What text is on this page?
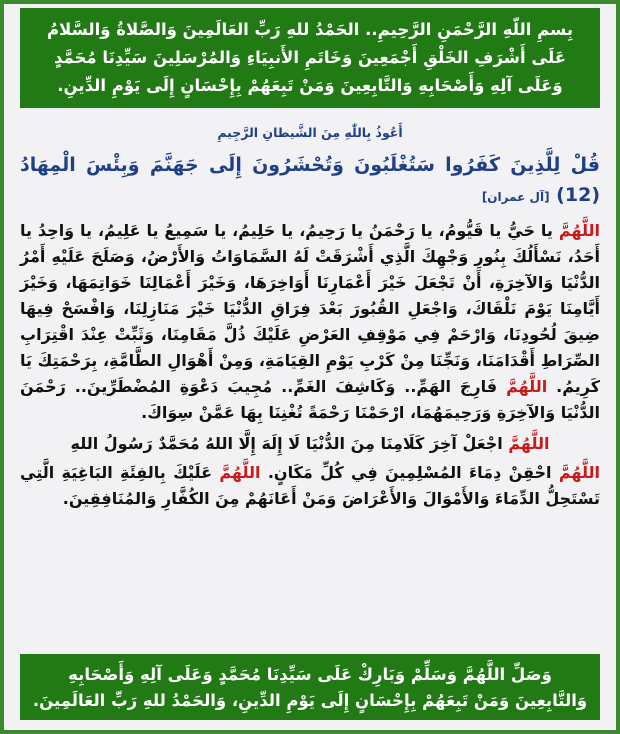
بِسمِ اللّهِ الرَّحْمَنِ الرَّحِيمِ.. الحَمْدُ للهِ رَبِّ العَالَمِينَ وَالصَّلاةُ وَالسَّلامُ عَلَى أَشْرَفِ الخَلْقِ أَجْمَعِينَ وَخَاتَمِ الأَنبِيَاءِ وَالمُرْسَلِينَ سَيِّدِنَا مُحَمَّدٍ وَعَلَى آلِهِ وَأَصْحَابِهِ وَالتَّابِعِينَ وَمَنْ تَبِعَهُمْ بِإِحْسَانٍ إِلَى يَوْمِ الدِّينِ.
أَعُوذُ بِاللّٰهِ مِنَ الشَّيطانِ الرَّجِيمِ
قُلْ لِلَّذِينَ كَفَرُوا سَتُغْلَبُونَ وَتُحْشَرُونَ إِلَى جَهَنَّمَ وَبِئْسَ الْمِهَادُ (12) [آل عمران]
اللَّهُمَّ يا حَيُّ يا قَيُّومُ، يا رَحْمَنُ يا رَحِيمُ، يا حَلِيمُ، يا سَمِيعُ يا عَلِيمُ، يا وَاحِدُ يا أَحَدُ، نَسْأَلُكَ بِنُورِ وَجْهِكَ الَّذِي أَشْرَقَتْ لَهُ السَّمَاوَاتُ وَالأَرْضُ، وَصَلَحَ عَلَيْهِ أَمْرُ الدُّنْيَا وَالآخِرَةِ، أَنْ تَجْعَلَ خَيْرَ أَعْمَارِنَا أَوَاخِرَهَا، وَخَيْرَ أَعْمَالِنَا خَوَاتِمَهَا، وَخَيْرَ أَيَّامِنَا يَوْمَ نَلْقَاكَ، وَاجْعَلِ القُبُورَ بَعْدَ فِرَاقِ الدُّنْيَا خَيْرَ مَنَازِلِنَا، وَافْسَحْ فِيهَا ضِيقَ لُحُودِنَا، وَارْحَمْ فِي مَوْقِفِ العَرْضِ عَلَيْكَ ذُلَّ مَقَامِنَا، وَثَبِّتْ عِنْدَ اقْتِرَابِ الصِّرَاطِ أَقْدَامَنَا، وَنَجِّنَا مِنْ كَرْبِ يَوْمِ القِيَامَةِ، وَمِنْ أَهْوَالِ الطَّامَّةِ، بِرَحْمَتِكَ يَا كَرِيمُ. اللَّهُمَّ فَارِجَ الهَمِّ.. وَكَاشِفَ الغَمِّ.. مُجِيبَ دَعْوَةِ المُضْطَرِّينَ.. رَحْمَنَ الدُّنْيَا وَالآخِرَةِ وَرَحِيمَهُمَا، ارْحَمْنَا رَحْمَةً تُغْنِنَا بِهَا عَمَّنْ سِوَاكَ.
اللَّهُمَّ اجْعَلْ آخِرَ كَلَامِنَا مِنَ الدُّنْيَا لَا إِلَهَ إِلَّا اللهُ مُحَمَّدٌ رَسُولُ اللهِ
اللَّهُمَّ احْقِنْ دِمَاءَ المُسْلِمِينَ فِي كُلِّ مَكَانٍ. اللَّهُمَّ عَلَيْكَ بِالفِئَةِ البَاغِيَةِ الَّتِي تَسْتَحِلُّ الدِّمَاءَ وَالأَمْوَالَ وَالأَعْرَاضَ وَمَنْ أَعَانَهُمْ مِنَ الكُفَّارِ وَالمُنَافِقِينَ.
وَصَلِّ اللَّهُمَّ وَسَلِّمْ وَبَارِكْ عَلَى سَيِّدِنَا مُحَمَّدٍ وَعَلَى آلِهِ وَأَصْحَابِهِ وَالتَّابِعِينَ وَمَنْ تَبِعَهُمْ بِإِحْسَانٍ إِلَى يَوْمِ الدِّينِ، وَالحَمْدُ للهِ رَبِّ العَالَمِينَ.
